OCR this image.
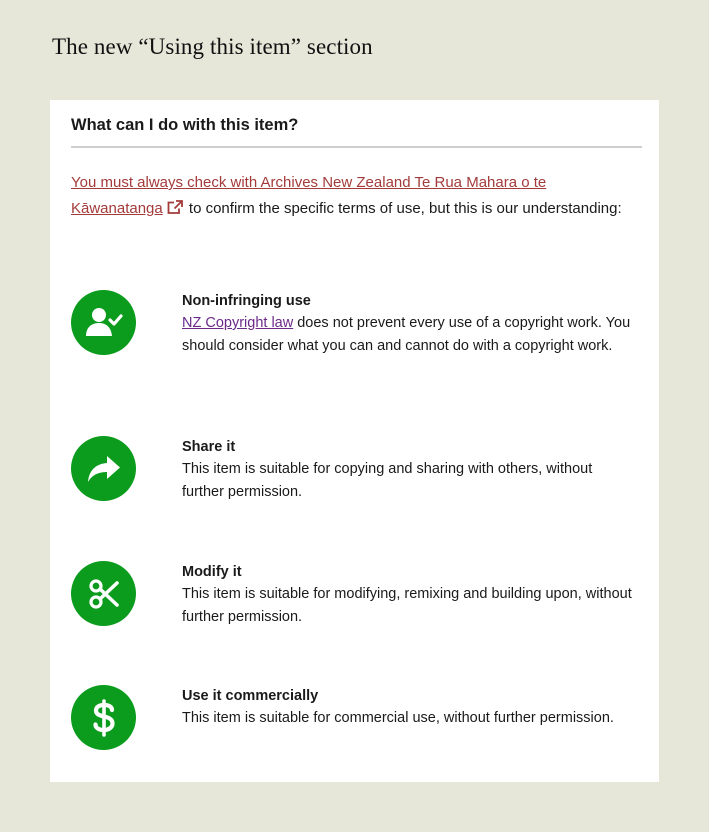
The new “Using this item” section
What can I do with this item?

You must always check with Archives New Zealand Te Rua Mahara o te Kāwanatanga to confirm the specific terms of use, but this is our understanding:

Non-infringing use

NZ Copyright law does not prevent every use of a copyright work. You should consider what you can and cannot do with a copyright work.

Share it

This item is suitable for copying and sharing with others, without further permission.

Modify it

This item is suitable for modifying, remixing and building upon, without further permission.

Use it commercially

This item is suitable for commercial use, without further permission.
